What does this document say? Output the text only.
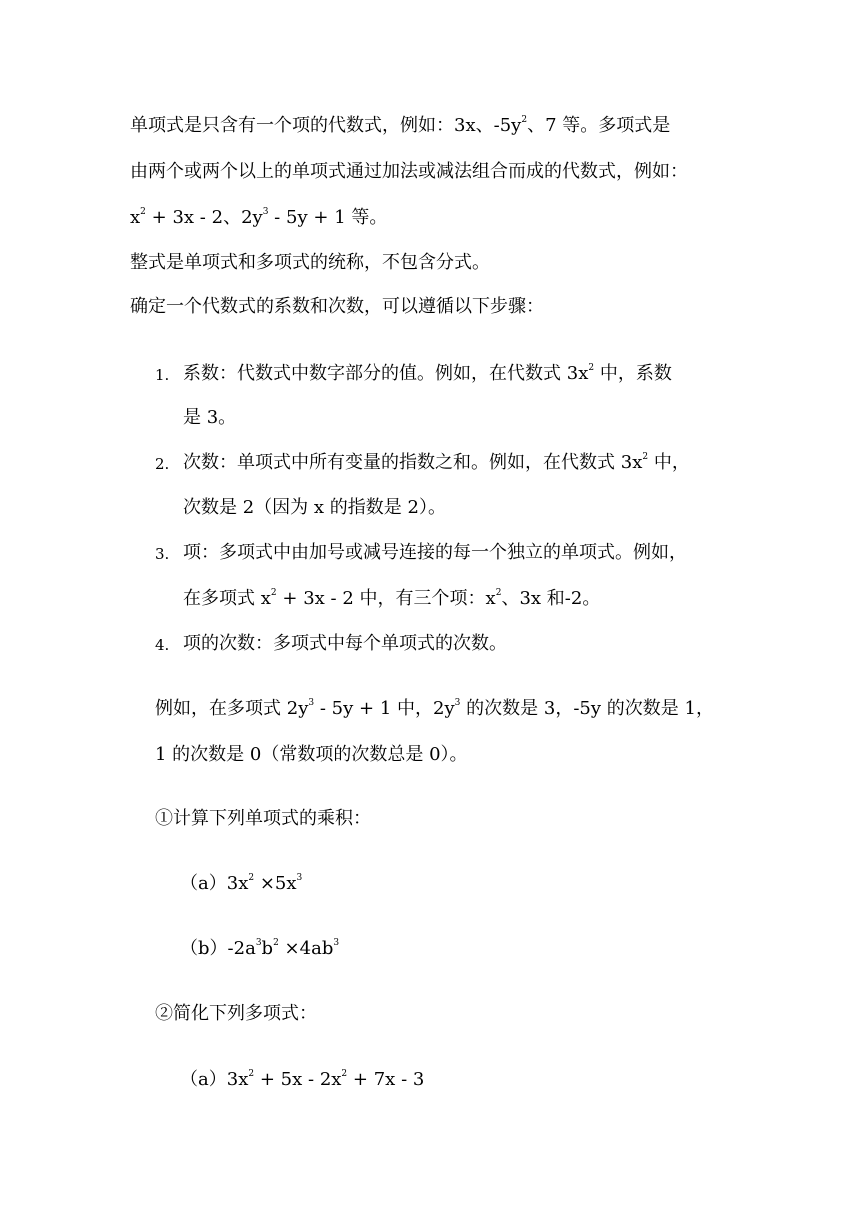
单项式是只含有一个项的代数式，例如：3x、$-5y^2$、7 等。多项式是
由两个或两个以上的单项式通过加法或减法组合而成的代数式，例如：
$x^2 + 3x - 2$、$2y^3 - 5y + 1$ 等。
整式是单项式和多项式的统称，不包含分式。
确定一个代数式的系数和次数，可以遵循以下步骤：
1. 系数：代数式中数字部分的值。例如，在代数式 $3x^2$ 中，系数
是 3。
2. 次数：单项式中所有变量的指数之和。例如，在代数式 $3x^2$ 中，
次数是 2（因为 x 的指数是 2）。
3. 项：多项式中由加号或减号连接的每一个独立的单项式。例如，
在多项式 $x^2 + 3x - 2$ 中，有三个项：$x^2$、3x 和-2。
4. 项的次数：多项式中每个单项式的次数。
例如，在多项式 $2y^3 - 5y + 1$ 中，$2y^3$ 的次数是 3，-5y 的次数是 1，
1 的次数是 0（常数项的次数总是 0）。
①计算下列单项式的乘积：
$(a)3x^2 \times 5x^3$
$(b)-2a^3b^2 \times 4ab^3$
②简化下列多项式：
$(a)3x^2 + 5x - 2x^2 + 7x - 3$
